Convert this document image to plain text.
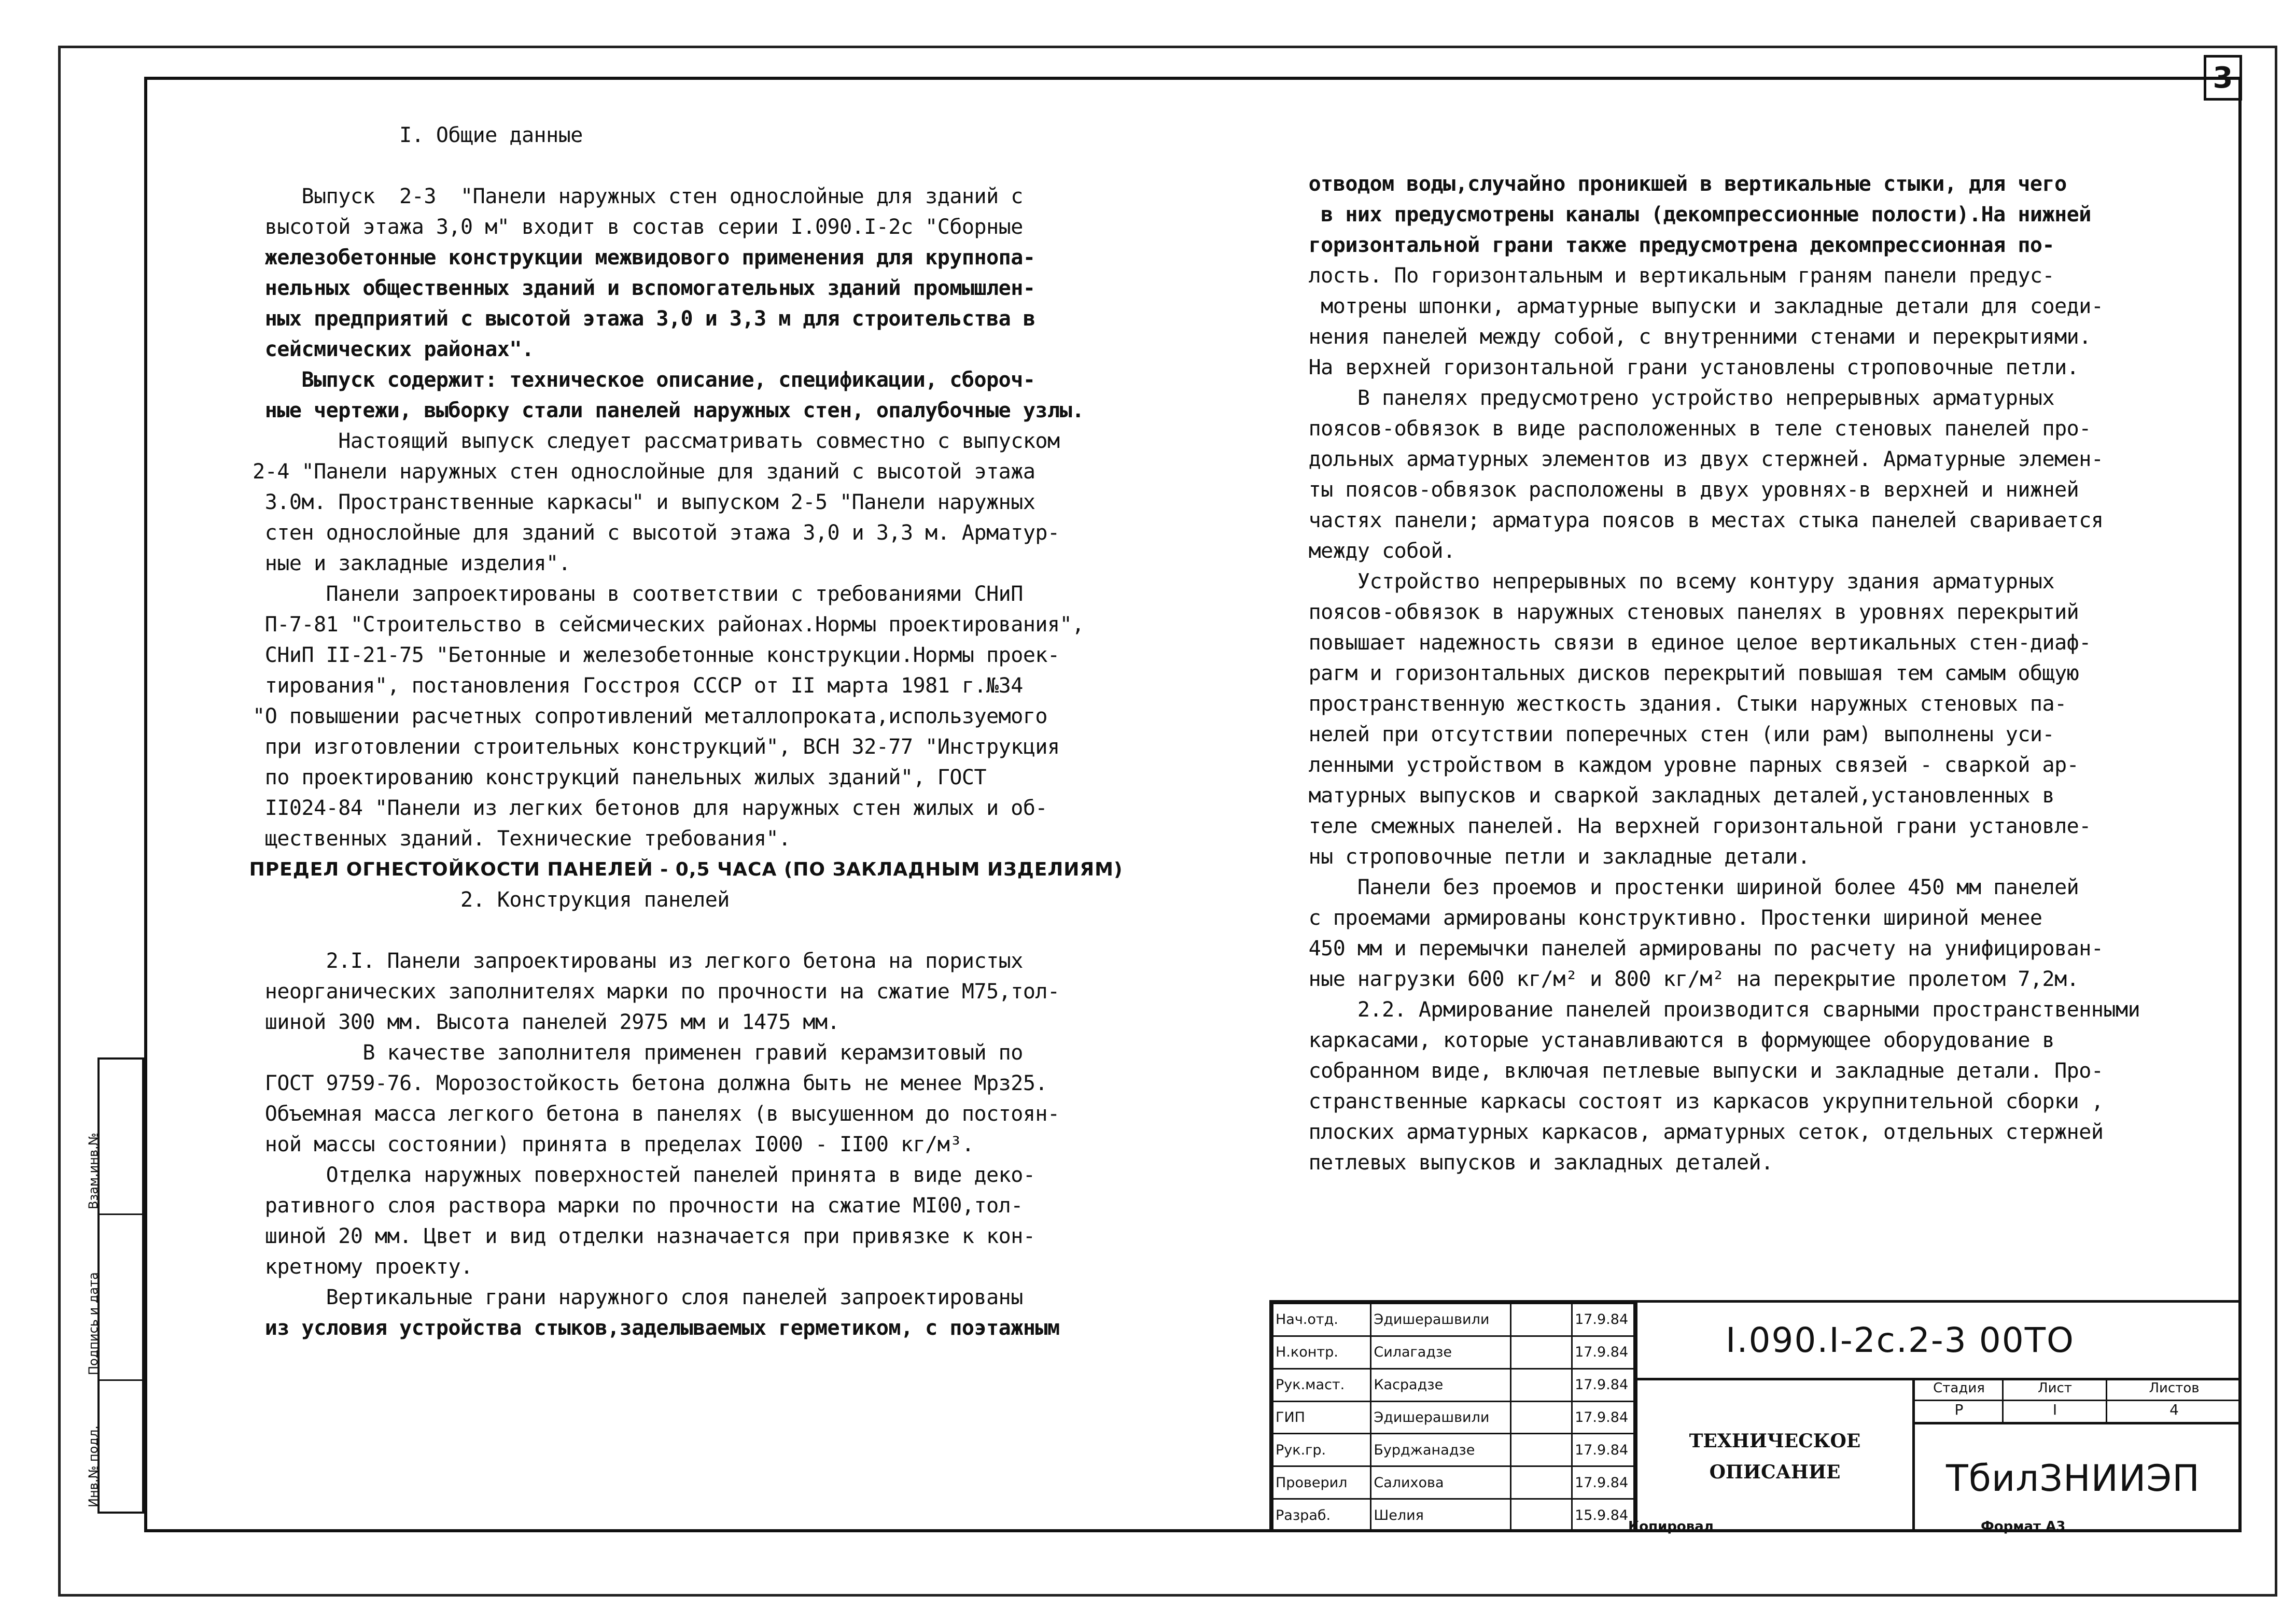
3
Взам.инв.№
Подпись и дата
Инв.№ подл.
I. Общие данные
Выпуск  2-3  "Панели наружных стен однослойные для зданий с
высотой этажа 3,0 м" входит в состав серии I.090.I-2с "Сборные
железобетонные конструкции межвидового применения для крупнопа-
нельных общественных зданий и вспомогательных зданий промышлен-
ных предприятий с высотой этажа 3,0 и 3,3 м для строительства в
сейсмических районах".
Выпуск содержит: техническое описание, спецификации, сбороч-
ные чертежи, выборку стали панелей наружных стен, опалубочные узлы.
Настоящий выпуск следует рассматривать совместно с выпуском
2-4 "Панели наружных стен однослойные для зданий с высотой этажа
3.0м. Пространственные каркасы" и выпуском 2-5 "Панели наружных
стен однослойные для зданий с высотой этажа 3,0 и 3,3 м. Арматур-
ные и закладные изделия".
Панели запроектированы в соответствии с требованиями СНиП
П-7-81 "Строительство в сейсмических районах.Нормы проектирования",
СНиП II-21-75 "Бетонные и железобетонные конструкции.Нормы проек-
тирования", постановления Госстроя СССР от II марта 1981 г.№34
"О повышении расчетных сопротивлений металлопроката,используемого
при изготовлении строительных конструкций", ВСН 32-77 "Инструкция
по проектированию конструкций панельных жилых зданий", ГОСТ
II024-84 "Панели из легких бетонов для наружных стен жилых и об-
щественных зданий. Технические требования".
ПРЕДЕЛ ОГНЕСТОЙКОСТИ ПАНЕЛЕЙ - 0,5 ЧАСА (ПО ЗАКЛАДНЫМ ИЗДЕЛИЯМ)
2. Конструкция панелей
2.I. Панели запроектированы из легкого бетона на пористых
неорганических заполнителях марки по прочности на сжатие М75,тол-
шиной 300 мм. Высота панелей 2975 мм и 1475 мм.
В качестве заполнителя применен гравий керамзитовый по
ГОСТ 9759-76. Морозостойкость бетона должна быть не менее Мрз25.
Объемная масса легкого бетона в панелях (в высушенном до постоян-
ной массы состоянии) принята в пределах I000 - II00 кг/м³.
Отделка наружных поверхностей панелей принята в виде деко-
ративного слоя раствора марки по прочности на сжатие МI00,тол-
шиной 20 мм. Цвет и вид отделки назначается при привязке к кон-
кретному проекту.
Вертикальные грани наружного слоя панелей запроектированы
из условия устройства стыков,заделываемых герметиком, с поэтажным
отводом воды,случайно проникшей в вертикальные стыки, для чего
в них предусмотрены каналы (декомпрессионные полости).На нижней
горизонтальной грани также предусмотрена декомпрессионная по-
лость. По горизонтальным и вертикальным граням панели предус-
мотрены шпонки, арматурные выпуски и закладные детали для соеди-
нения панелей между собой, с внутренними стенами и перекрытиями.
На верхней горизонтальной грани установлены строповочные петли.
В панелях предусмотрено устройство непрерывных арматурных
поясов-обвязок в виде расположенных в теле стеновых панелей про-
дольных арматурных элементов из двух стержней. Арматурные элемен-
ты поясов-обвязок расположены в двух уровнях-в верхней и нижней
частях панели; арматура поясов в местах стыка панелей сваривается
между собой.
Устройство непрерывных по всему контуру здания арматурных
поясов-обвязок в наружных стеновых панелях в уровнях перекрытий
повышает надежность связи в единое целое вертикальных стен-диаф-
рагм и горизонтальных дисков перекрытий повышая тем самым общую
пространственную жесткость здания. Стыки наружных стеновых па-
нелей при отсутствии поперечных стен (или рам) выполнены уси-
ленными устройством в каждом уровне парных связей - сваркой ар-
матурных выпусков и сваркой закладных деталей,установленных в
теле смежных панелей. На верхней горизонтальной грани установле-
ны строповочные петли и закладные детали.
Панели без проемов и простенки шириной более 450 мм панелей
с проемами армированы конструктивно. Простенки шириной менее
450 мм и перемычки панелей армированы по расчету на унифицирован-
ные нагрузки 600 кг/м² и 800 кг/м² на перекрытие пролетом 7,2м.
2.2. Армирование панелей производится сварными пространственными
каркасами, которые устанавливаются в формующее оборудование в
собранном виде, включая петлевые выпуски и закладные детали. Про-
странственные каркасы состоят из каркасов укрупнительной сборки ,
плоских арматурных каркасов, арматурных сеток, отдельных стержней
петлевых выпусков и закладных деталей.
Нач.отд.	Эдишерашвили		17.9.84
Н.контр.	Силагадзе		17.9.84
Рук.маст.	Касрадзе		17.9.84
ГИП	Эдишерашвили		17.9.84
Рук.гр.	Бурджанадзе		17.9.84
Проверил	Салихова		17.9.84
Разраб.	Шелия		15.9.84
I.090.I-2с.2-3 00ТО
ТЕХНИЧЕСКОЕ
ОПИСАНИЕ
Стадия	Лист	Листов
Р	I	4
ТбилЗНИИЭП
Копировал	Формат А3
